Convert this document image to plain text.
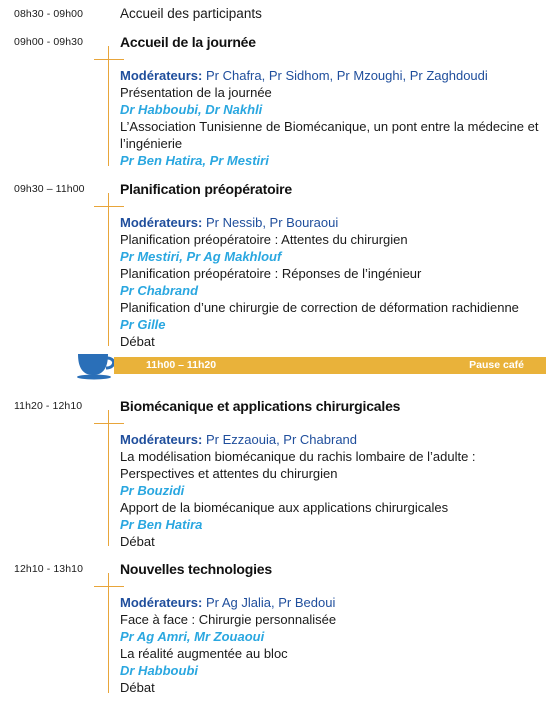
08h30 - 09h00	Accueil des participants
09h00 - 09h30	Accueil de la journée
Modérateurs: Pr Chafra, Pr Sidhom, Pr Mzoughi, Pr Zaghdoudi
Présentation de la journée
Dr Habboubi, Dr Nakhli
L’Association Tunisienne de Biomécanique, un pont entre la médecine et l’ingénierie
Pr Ben Hatira, Pr Mestiri
09h30 – 11h00	Planification préopératoire
Modérateurs: Pr Nessib, Pr Bouraoui
Planification préopératoire : Attentes du chirurgien
Pr Mestiri, Pr Ag Makhlouf
Planification préopératoire : Réponses de l’ingénieur
Pr Chabrand
Planification d’une chirurgie de correction de déformation rachidienne
Pr Gille
Débat
11h00 – 11h20	Pause café
11h20 - 12h10	Biomécanique et applications chirurgicales
Modérateurs: Pr Ezzaouia, Pr Chabrand
La modélisation biomécanique du rachis lombaire de l’adulte : Perspectives et attentes du chirurgien
Pr Bouzidi
Apport de la biomécanique aux applications chirurgicales
Pr Ben Hatira
Débat
12h10 - 13h10	Nouvelles technologies
Modérateurs: Pr Ag Jlalia, Pr Bedoui
Face à face : Chirurgie personnalisée
Pr Ag Amri, Mr Zouaoui
La réalité augmentée au bloc
Dr Habboubi
Débat
